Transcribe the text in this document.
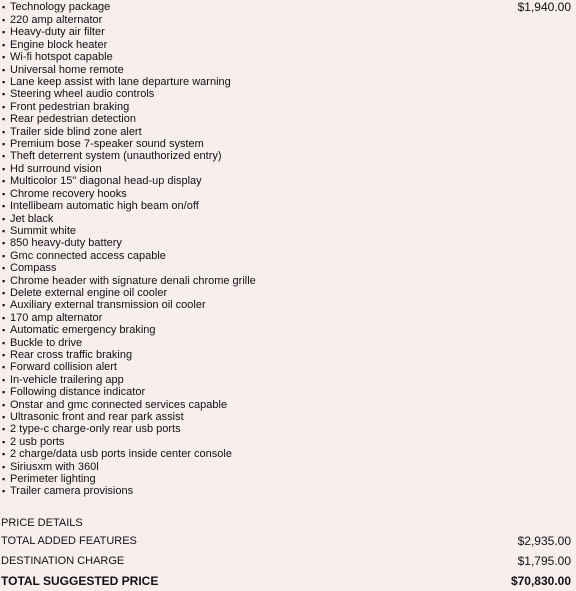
▪ Technology package	$1,940.00
▪ 220 amp alternator
▪ Heavy-duty air filter
▪ Engine block heater
▪ Wi-fi hotspot capable
▪ Universal home remote
▪ Lane keep assist with lane departure warning
▪ Steering wheel audio controls
▪ Front pedestrian braking
▪ Rear pedestrian detection
▪ Trailer side blind zone alert
▪ Premium bose 7-speaker sound system
▪ Theft deterrent system (unauthorized entry)
▪ Hd surround vision
▪ Multicolor 15" diagonal head-up display
▪ Chrome recovery hooks
▪ Intellibeam automatic high beam on/off
▪ Jet black
▪ Summit white
▪ 850 heavy-duty battery
▪ Gmc connected access capable
▪ Compass
▪ Chrome header with signature denali chrome grille
▪ Delete external engine oil cooler
▪ Auxiliary external transmission oil cooler
▪ 170 amp alternator
▪ Automatic emergency braking
▪ Buckle to drive
▪ Rear cross traffic braking
▪ Forward collision alert
▪ In-vehicle trailering app
▪ Following distance indicator
▪ Onstar and gmc connected services capable
▪ Ultrasonic front and rear park assist
▪ 2 type-c charge-only rear usb ports
▪ 2 usb ports
▪ 2 charge/data usb ports inside center console
▪ Siriusxm with 360l
▪ Perimeter lighting
▪ Trailer camera provisions
PRICE DETAILS
TOTAL ADDED FEATURES	$2,935.00
DESTINATION CHARGE	$1,795.00
TOTAL SUGGESTED PRICE	$70,830.00
